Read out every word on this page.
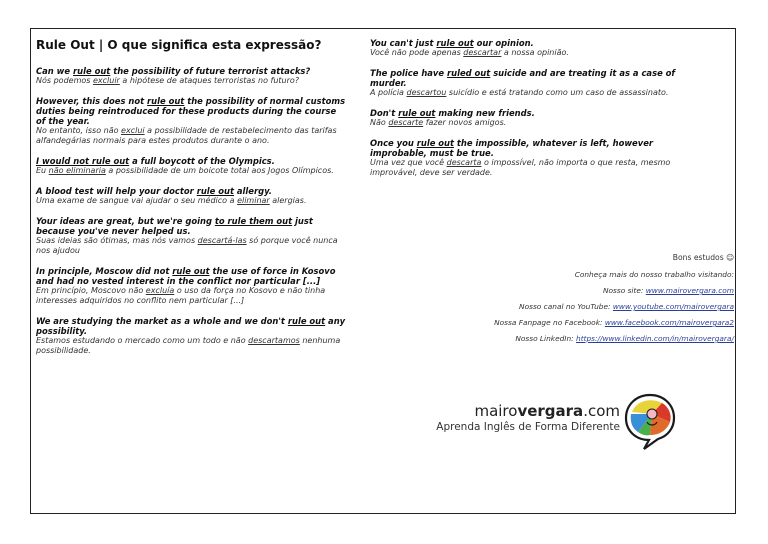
Rule Out | O que significa esta expressão?

Can we rule out the possibility of future terrorist attacks?

Nós podemos excluir a hipótese de ataques terroristas no futuro?

However, this does not rule out the possibility of normal customs duties being reintroduced for these products during the course of the year.

No entanto, isso não exclui a possibilidade de restabelecimento das tarifas alfandegárias normais para estes produtos durante o ano.

I would not rule out a full boycott of the Olympics.

Eu não eliminaria a possibilidade de um boicote total aos Jogos Olímpicos.

A blood test will help your doctor rule out allergy.

Uma exame de sangue vai ajudar o seu médico a eliminar alergias.

Your ideas are great, but we're going to rule them out just because you've never helped us.

Suas ideias são ótimas, mas nós vamos descartá-las só porque você nunca nos ajudou

In principle, Moscow did not rule out the use of force in Kosovo and had no vested interest in the conflict nor particular [...]

Em princípio, Moscovo não excluía o uso da força no Kosovo e não tinha interesses adquiridos no conflito nem particular [...]

We are studying the market as a whole and we don't rule out any possibility.

Estamos estudando o mercado como um todo e não descartamos nenhuma possibilidade.

You can't just rule out our opinion.

Você não pode apenas descartar a nossa opinião.

The police have ruled out suicide and are treating it as a case of murder.

A polícia descartou suicídio e está tratando como um caso de assassinato.

Don't rule out making new friends.

Não descarte fazer novos amigos.

Once you rule out the impossible, whatever is left, however improbable, must be true.

Uma vez que você descarta o impossível, não importa o que resta, mesmo improvável, deve ser verdade.

Bons estudos ☺

Conheça mais do nosso trabalho visitando:

Nosso site: www.mairovergara.com

Nosso canal no YouTube: www.youtube.com/mairovergara

Nossa Fanpage no Facebook: www.facebook.com/mairovergara2

Nosso LinkedIn: https://www.linkedin.com/in/mairovergara/

mairovergara.com
Aprenda Inglês de Forma Diferente
